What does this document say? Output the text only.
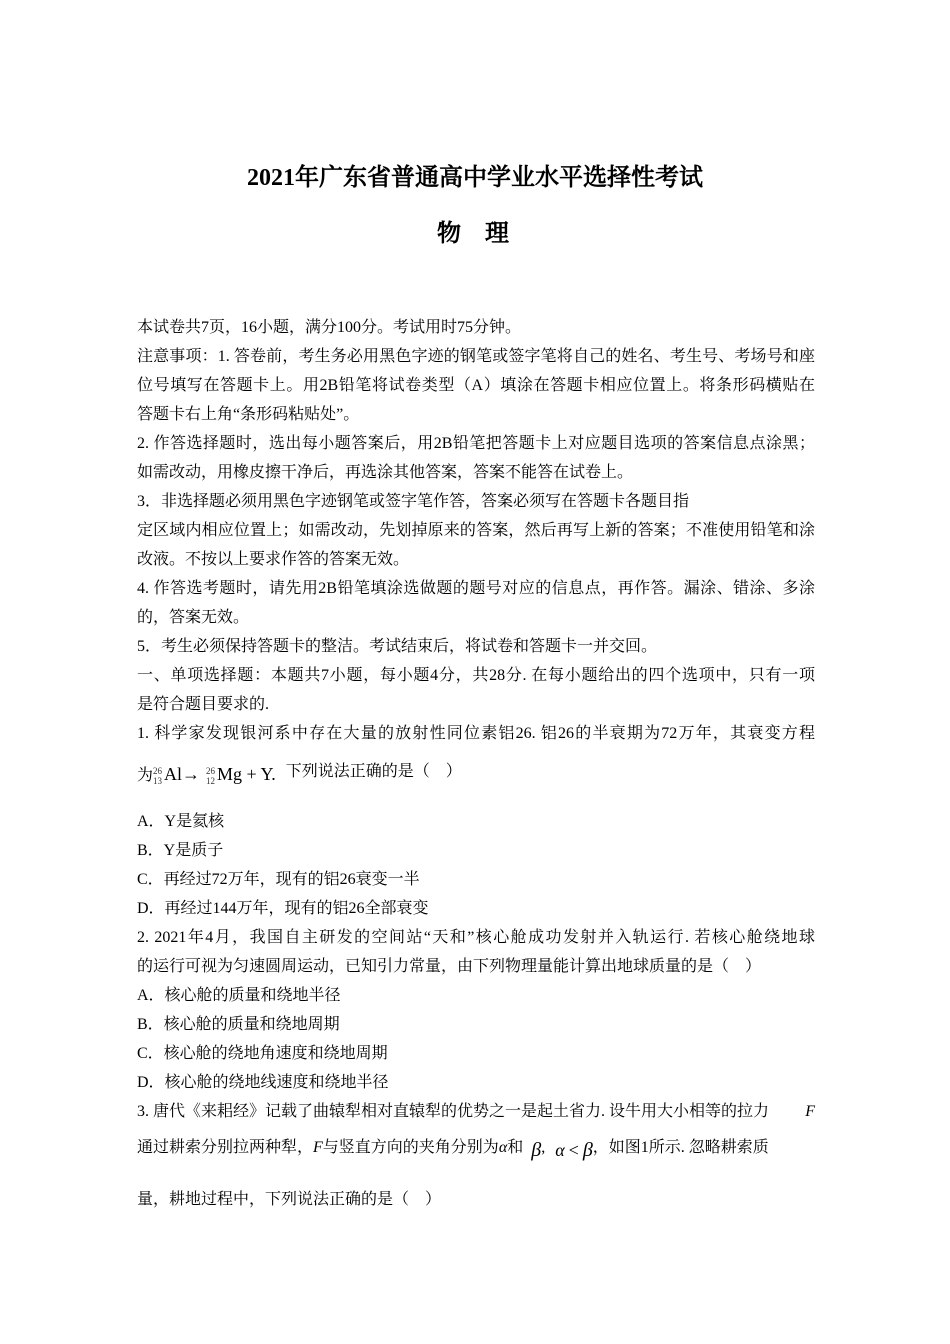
2021年广东省普通高中学业水平选择性考试
物理
本试卷共7页，16小题，满分100分。考试用时75分钟。
注意事项：1. 答卷前，考生务必用黑色字迹的钢笔或签字笔将自己的姓名、考生号、考场号和座
位号填写在答题卡上。用2B铅笔将试卷类型（A）填涂在答题卡相应位置上。将条形码横贴在
答题卡右上角“条形码粘贴处”。
2. 作答选择题时，选出每小题答案后，用2B铅笔把答题卡上对应题目选项的答案信息点涂黑；
如需改动，用橡皮擦干净后，再选涂其他答案，答案不能答在试卷上。
3．非选择题必须用黑色字迹钢笔或签字笔作答，答案必须写在答题卡各题目指
定区域内相应位置上；如需改动，先划掉原来的答案，然后再写上新的答案；不准使用铅笔和涂
改液。不按以上要求作答的答案无效。
4. 作答选考题时，请先用2B铅笔填涂选做题的题号对应的信息点，再作答。漏涂、错涂、多涂
的，答案无效。
5．考生必须保持答题卡的整洁。考试结束后，将试卷和答题卡一并交回。
一、单项选择题：本题共7小题，每小题4分，共28分. 在每小题给出的四个选项中，只有一项
是符合题目要求的.
1. 科学家发现银河系中存在大量的放射性同位素铝26. 铝26的半衰期为72万年，其衰变方程
为 26
13 Al→ 26
12 Mg + Y. 下列说法正确的是（　）
A．Y是氦核
B．Y是质子
C．再经过72万年，现有的铝26衰变一半
D．再经过144万年，现有的铝26全部衰变
2. 2021年4月，我国自主研发的空间站“天和”核心舱成功发射并入轨运行. 若核心舱绕地球
的运行可视为匀速圆周运动，已知引力常量，由下列物理量能计算出地球质量的是（　）
A．核心舱的质量和绕地半径
B．核心舱的质量和绕地周期
C．核心舱的绕地角速度和绕地周期
D．核心舱的绕地线速度和绕地半径
3. 唐代《来耜经》记载了曲辕犁相对直辕犁的优势之一是起土省力. 设牛用大小相等的拉力 F
通过耕索分别拉两种犁，F与竖直方向的夹角分别为α和 β, α < β，如图1所示. 忽略耕索质
量，耕地过程中，下列说法正确的是（　）
